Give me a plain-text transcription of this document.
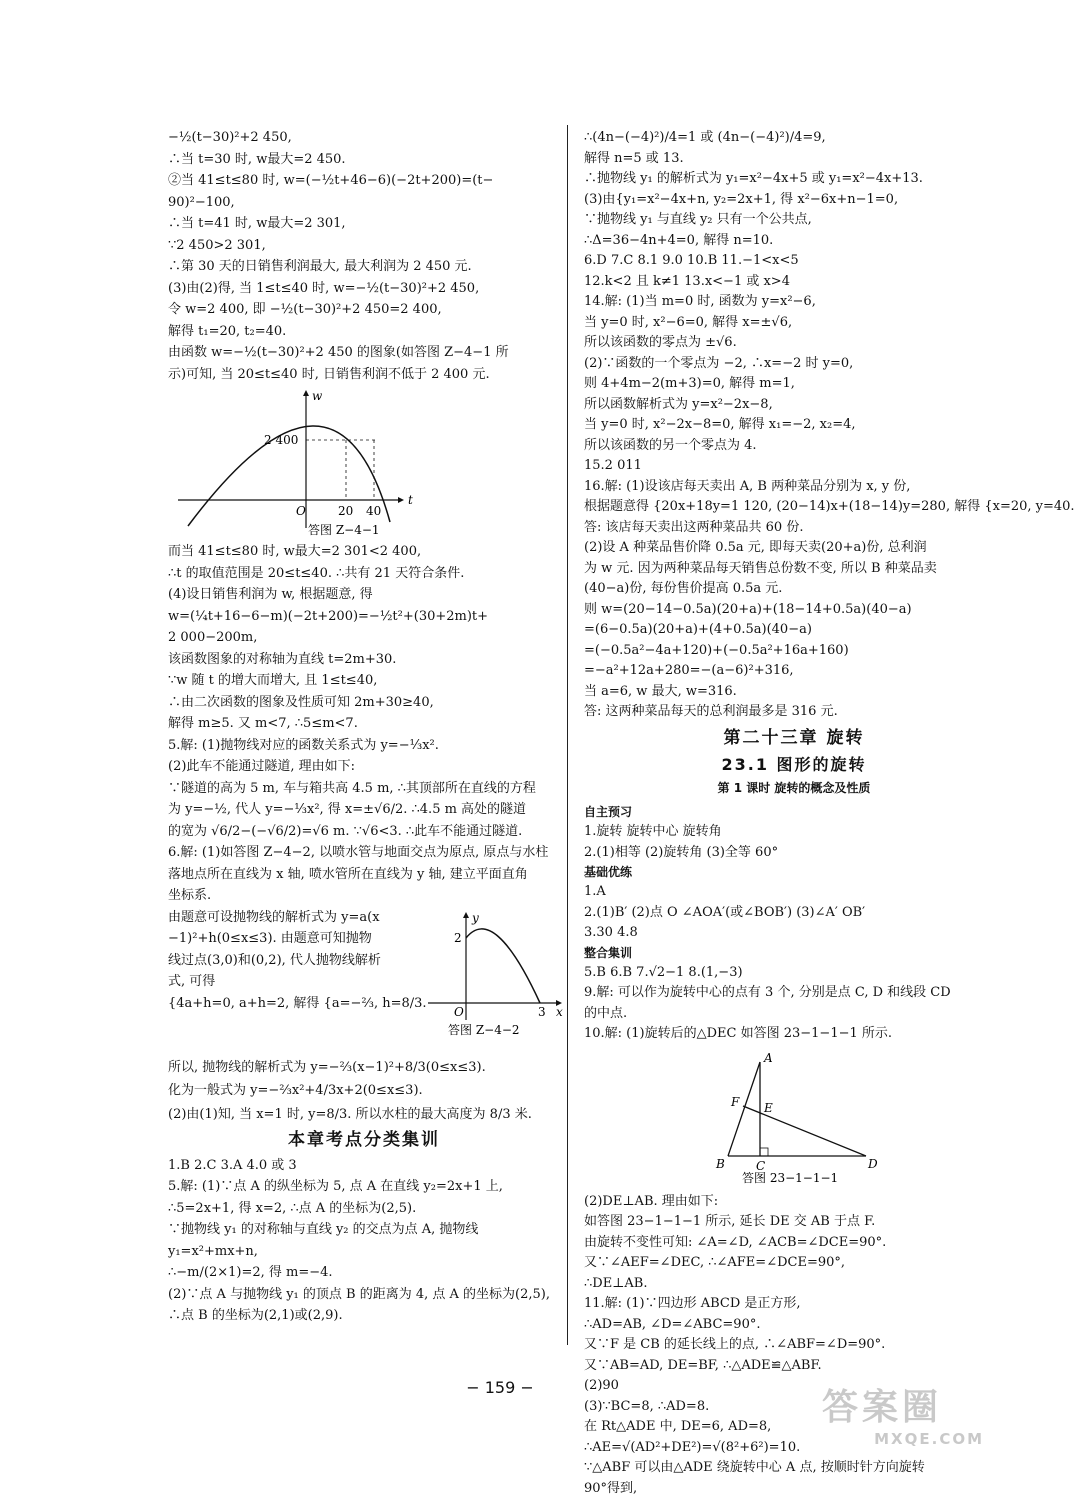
−½(t−30)²+2 450,
∴当 t=30 时, w最大=2 450.
②当 41≤t≤80 时, w=(−½t+46−6)(−2t+200)=(t−
90)²−100,
∴当 t=41 时, w最大=2 301,
∵2 450>2 301,
∴第 30 天的日销售利润最大, 最大利润为 2 450 元.
(3)由(2)得, 当 1≤t≤40 时, w=−½(t−30)²+2 450,
令 w=2 400, 即 −½(t−30)²+2 450=2 400,
解得 t₁=20, t₂=40.
由函数 w=−½(t−30)²+2 450 的图象(如答图 Z−4−1 所
示)可知, 当 20≤t≤40 时, 日销售利润不低于 2 400 元.
w
t
O
2 400
20 40
答图 Z−4−1
而当 41≤t≤80 时, w最大=2 301<2 400,
∴t 的取值范围是 20≤t≤40. ∴共有 21 天符合条件.
(4)设日销售利润为 w, 根据题意, 得
w=(¼t+16−6−m)(−2t+200)=−½t²+(30+2m)t+
2 000−200m,
该函数图象的对称轴为直线 t=2m+30.
∵w 随 t 的增大而增大, 且 1≤t≤40,
∴由二次函数的图象及性质可知 2m+30≥40,
解得 m≥5. 又 m<7, ∴5≤m<7.
5.解: (1)抛物线对应的函数关系式为 y=−⅓x².
(2)此车不能通过隧道, 理由如下:
∵隧道的高为 5 m, 车与箱共高 4.5 m, ∴其顶部所在直线的方程
为 y=−½, 代人 y=−⅓x², 得 x=±√6/2. ∴4.5 m 高处的隧道
的宽为 √6/2−(−√6/2)=√6 m. ∵√6<3. ∴此车不能通过隧道.
6.解: (1)如答图 Z−4−2, 以喷水管与地面交点为原点, 原点与水柱
落地点所在直线为 x 轴, 喷水管所在直线为 y 轴, 建立平面直角
坐标系.
由题意可设抛物线的解析式为 y=a(x
−1)²+h(0≤x≤3). 由题意可知抛物
线过点(3,0)和(0,2), 代人抛物线解析
式, 可得
{4a+h=0, a+h=2, 解得 {a=−⅔, h=8/3.
y
x
O
2
3
答图 Z−4−2
所以, 抛物线的解析式为 y=−⅔(x−1)²+8/3(0≤x≤3).
化为一般式为 y=−⅔x²+4/3x+2(0≤x≤3).
(2)由(1)知, 当 x=1 时, y=8/3. 所以水柱的最大高度为 8/3 米.
本章考点分类集训
1.B 2.C 3.A 4.0 或 3
5.解: (1)∵点 A 的纵坐标为 5, 点 A 在直线 y₂=2x+1 上,
∴5=2x+1, 得 x=2, ∴点 A 的坐标为(2,5).
∵抛物线 y₁ 的对称轴与直线 y₂ 的交点为点 A, 抛物线
y₁=x²+mx+n,
∴−m/(2×1)=2, 得 m=−4.
(2)∵点 A 与抛物线 y₁ 的顶点 B 的距离为 4, 点 A 的坐标为(2,5),
∴点 B 的坐标为(2,1)或(2,9).
∴(4n−(−4)²)/4=1 或 (4n−(−4)²)/4=9,
解得 n=5 或 13.
∴抛物线 y₁ 的解析式为 y₁=x²−4x+5 或 y₁=x²−4x+13.
(3)由{y₁=x²−4x+n, y₂=2x+1, 得 x²−6x+n−1=0,
∵抛物线 y₁ 与直线 y₂ 只有一个公共点,
∴Δ=36−4n+4=0, 解得 n=10.
6.D 7.C 8.1 9.0 10.B 11.−1<x<5
12.k<2 且 k≠1 13.x<−1 或 x>4
14.解: (1)当 m=0 时, 函数为 y=x²−6,
当 y=0 时, x²−6=0, 解得 x=±√6,
所以该函数的零点为 ±√6.
(2)∵函数的一个零点为 −2, ∴x=−2 时 y=0,
则 4+4m−2(m+3)=0, 解得 m=1,
所以函数解析式为 y=x²−2x−8,
当 y=0 时, x²−2x−8=0, 解得 x₁=−2, x₂=4,
所以该函数的另一个零点为 4.
15.2 011
16.解: (1)设该店每天卖出 A, B 两种菜品分别为 x, y 份,
根据题意得 {20x+18y=1 120, (20−14)x+(18−14)y=280, 解得 {x=20, y=40.
答: 该店每天卖出这两种菜品共 60 份.
(2)设 A 种菜品售价降 0.5a 元, 即每天卖(20+a)份, 总利润
为 w 元. 因为两种菜品每天销售总份数不变, 所以 B 种菜品卖
(40−a)份, 每份售价提高 0.5a 元.
则 w=(20−14−0.5a)(20+a)+(18−14+0.5a)(40−a)
=(6−0.5a)(20+a)+(4+0.5a)(40−a)
=(−0.5a²−4a+120)+(−0.5a²+16a+160)
=−a²+12a+280=−(a−6)²+316,
当 a=6, w 最大, w=316.
答: 这两种菜品每天的总利润最多是 316 元.
第二十三章 旋转
23.1 图形的旋转
第 1 课时 旋转的概念及性质
自主预习
1.旋转 旋转中心 旋转角
2.(1)相等 (2)旋转角 (3)全等 60°
基础优练
1.A
2.(1)B′ (2)点 O ∠AOA′(或∠BOB′) (3)∠A′ OB′
3.30 4.8
整合集训
5.B 6.B 7.√2−1 8.(1,−3)
9.解: 可以作为旋转中心的点有 3 个, 分别是点 C, D 和线段 CD
的中点.
10.解: (1)旋转后的△DEC 如答图 23−1−1−1 所示.
A
B	C	D
E
F
答图 23−1−1−1
(2)DE⊥AB. 理由如下:
如答图 23−1−1−1 所示, 延长 DE 交 AB 于点 F.
由旋转不变性可知: ∠A=∠D, ∠ACB=∠DCE=90°.
又∵∠AEF=∠DEC, ∴∠AFE=∠DCE=90°,
∴DE⊥AB.
11.解: (1)∵四边形 ABCD 是正方形,
∴AD=AB, ∠D=∠ABC=90°.
又∵F 是 CB 的延长线上的点, ∴∠ABF=∠D=90°.
又∵AB=AD, DE=BF, ∴△ADE≌△ABF.
(2)90
(3)∵BC=8, ∴AD=8.
在 Rt△ADE 中, DE=6, AD=8,
∴AE=√(AD²+DE²)=√(8²+6²)=10.
∵△ABF 可以由△ADE 绕旋转中心 A 点, 按顺时针方向旋转
90°得到,
− 159 −	答案圈
MXQE.COM
